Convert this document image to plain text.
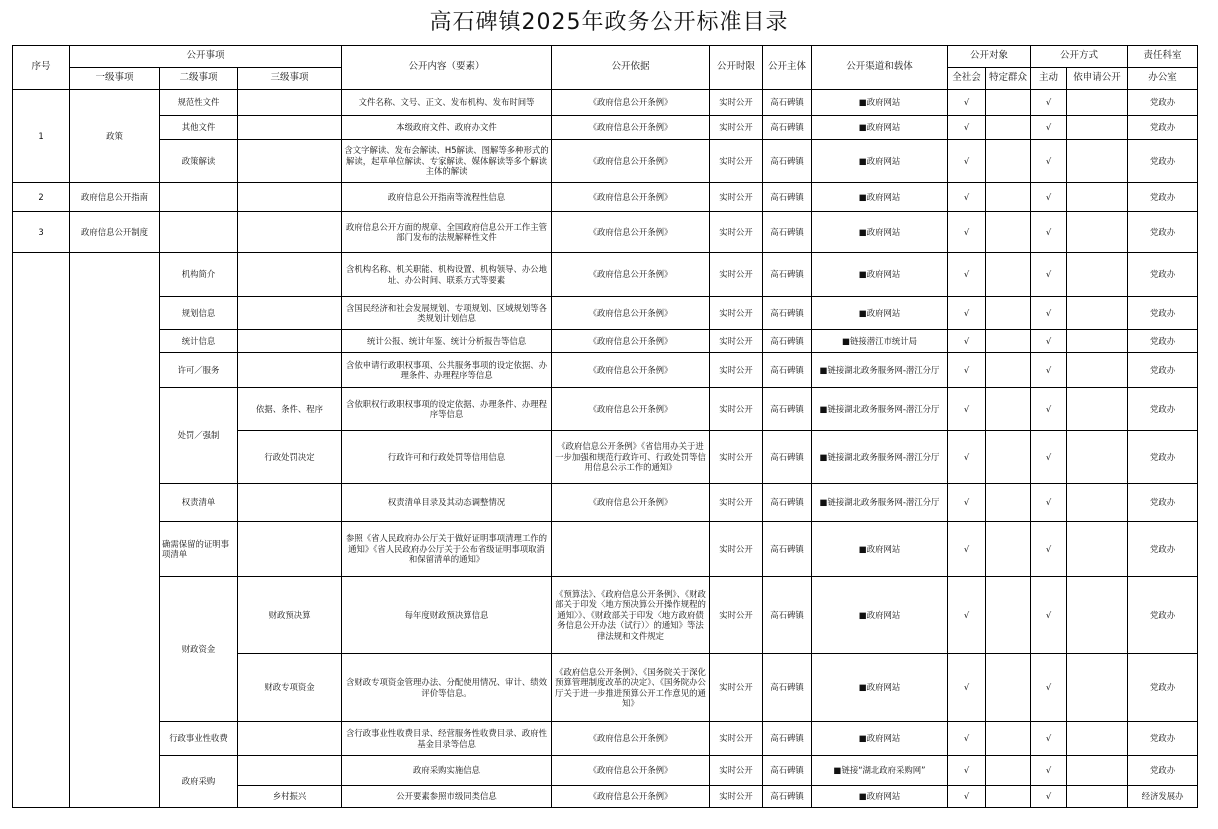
高石碑镇2025年政务公开标准目录
序号	公开事项			公开内容（要素）	公开依据	公开时限	公开主体	公开渠道和载体	公开对象		公开方式		责任科室
	一级事项	二级事项	三级事项						全社会	特定群众	主动	依申请公开	办公室
1	政策	规范性文件		文件名称、文号、正文、发布机构、发布时间等	《政府信息公开条例》	实时公开	高石碑镇	■政府网站	√		√		党政办
		其他文件		本级政府文件、政府办文件	《政府信息公开条例》	实时公开	高石碑镇	■政府网站	√		√		党政办
		政策解读		含文字解读、发布会解读、H5解读、图解等多种形式的解读，起草单位解读、专家解读、媒体解读等多个解读主体的解读	《政府信息公开条例》	实时公开	高石碑镇	■政府网站	√		√		党政办
2	政府信息公开指南			政府信息公开指南等流程性信息	《政府信息公开条例》	实时公开	高石碑镇	■政府网站	√		√		党政办
3	政府信息公开制度			政府信息公开方面的规章、全国政府信息公开工作主管部门发布的法规解释性文件	《政府信息公开条例》	实时公开	高石碑镇	■政府网站	√		√		党政办
		机构简介		含机构名称、机关职能、机构设置、机构领导、办公地址、办公时间、联系方式等要素	《政府信息公开条例》	实时公开	高石碑镇	■政府网站	√		√		党政办
		规划信息		含国民经济和社会发展规划、专项规划、区域规划等各类规划计划信息	《政府信息公开条例》	实时公开	高石碑镇	■政府网站	√		√		党政办
		统计信息		统计公报、统计年鉴、统计分析报告等信息	《政府信息公开条例》	实时公开	高石碑镇	■链接潜江市统计局	√		√		党政办
		许可／服务		含依申请行政职权事项、公共服务事项的设定依据、办理条件、办理程序等信息	《政府信息公开条例》	实时公开	高石碑镇	■链接湖北政务服务网-潜江分厅	√		√		党政办
		处罚／强制	依据、条件、程序	含依职权行政职权事项的设定依据、办理条件、办理程序等信息	《政府信息公开条例》	实时公开	高石碑镇	■链接湖北政务服务网-潜江分厅	√		√		党政办
			行政处罚决定	行政许可和行政处罚等信用信息	《政府信息公开条例》《省信用办关于进一步加强和规范行政许可、行政处罚等信用信息公示工作的通知》	实时公开	高石碑镇	■链接湖北政务服务网-潜江分厅	√		√		党政办
		权责清单		权责清单目录及其动态调整情况	《政府信息公开条例》	实时公开	高石碑镇	■链接湖北政务服务网-潜江分厅	√		√		党政办
		确需保留的证明事项清单		参照《省人民政府办公厅关于做好证明事项清理工作的通知》《省人民政府办公厅关于公布省级证明事项取消和保留清单的通知》		实时公开	高石碑镇	■政府网站	√		√		党政办
		财政资金	财政预决算	每年度财政预决算信息	《预算法》、《政府信息公开条例》、《财政部关于印发〈地方预决算公开操作规程的通知〉》、《财政部关于印发〈地方政府债务信息公开办法（试行）〉的通知》等法律法规和文件规定	实时公开	高石碑镇	■政府网站	√		√		党政办
			财政专项资金	含财政专项资金管理办法、分配使用情况、审计、绩效评价等信息。	《政府信息公开条例》、《国务院关于深化预算管理制度改革的决定》、《国务院办公厅关于进一步推进预算公开工作意见的通知》	实时公开	高石碑镇	■政府网站	√		√		党政办
		行政事业性收费		含行政事业性收费目录、经营服务性收费目录、政府性基金目录等信息	《政府信息公开条例》	实时公开	高石碑镇	■政府网站	√		√		党政办
		政府采购		政府采购实施信息	《政府信息公开条例》	实时公开	高石碑镇	■链接“湖北政府采购网”	√		√		党政办
			乡村振兴	公开要素参照市级同类信息	《政府信息公开条例》	实时公开	高石碑镇	■政府网站	√		√		经济发展办
